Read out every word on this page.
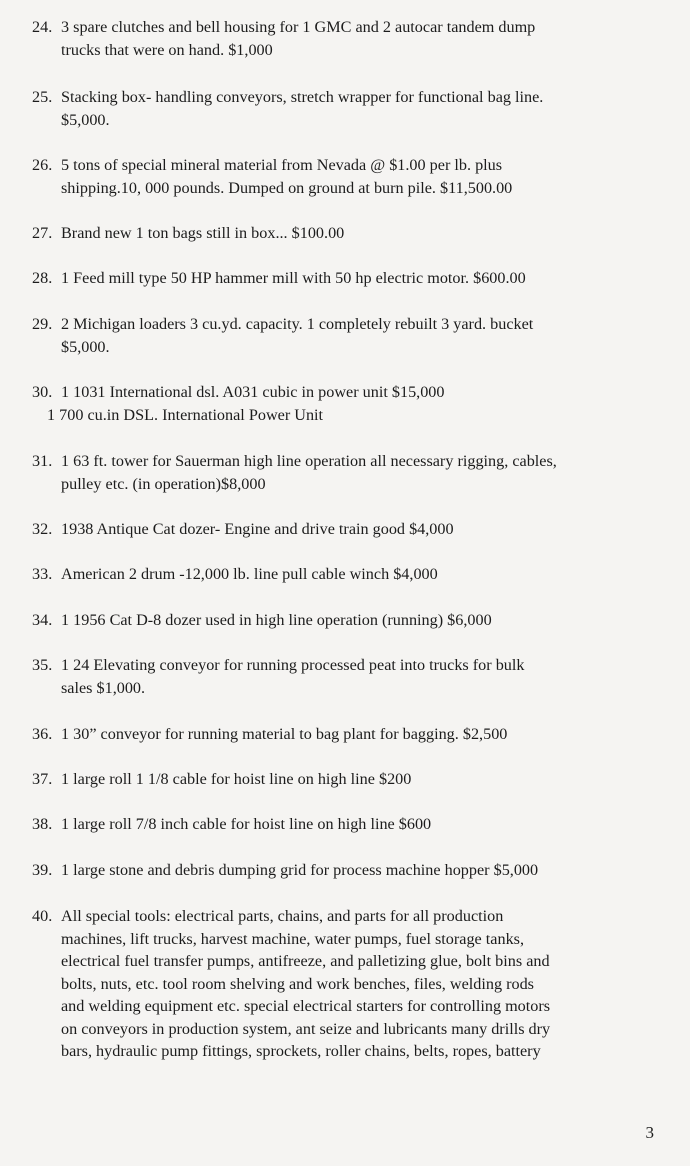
24. 3 spare clutches and bell housing for 1 GMC and 2 autocar tandem dump
trucks that were on hand. $1,000
25. Stacking box- handling conveyors, stretch wrapper for functional bag line.
$5,000.
26. 5 tons of special mineral material from Nevada @ $1.00 per lb. plus
shipping.10, 000 pounds. Dumped on ground at burn pile. $11,500.00
27. Brand new 1 ton bags still in box... $100.00
28. 1 Feed mill type 50 HP hammer mill with 50 hp electric motor. $600.00
29. 2 Michigan loaders 3 cu.yd. capacity. 1 completely rebuilt 3 yard. bucket
$5,000.
30. 1 1031 International dsl. A031 cubic in power unit $15,000
1 700 cu.in DSL. International Power Unit
31. 1 63 ft. tower for Sauerman high line operation all necessary rigging, cables,
pulley etc. (in operation)$8,000
32. 1938 Antique Cat dozer- Engine and drive train good $4,000
33. American 2 drum -12,000 lb. line pull cable winch $4,000
34. 1 1956 Cat D-8 dozer used in high line operation (running) $6,000
35. 1 24 Elevating conveyor for running processed peat into trucks for bulk
sales $1,000.
36. 1 30” conveyor for running material to bag plant for bagging. $2,500
37. 1 large roll 1 1/8 cable for hoist line on high line $200
38. 1 large roll 7/8 inch cable for hoist line on high line $600
39. 1 large stone and debris dumping grid for process machine hopper $5,000
40. All special tools: electrical parts, chains, and parts for all production
machines, lift trucks, harvest machine, water pumps, fuel storage tanks,
electrical fuel transfer pumps, antifreeze, and palletizing glue, bolt bins and
bolts, nuts, etc. tool room shelving and work benches, files, welding rods
and welding equipment etc. special electrical starters for controlling motors
on conveyors in production system, ant seize and lubricants many drills dry
bars, hydraulic pump fittings, sprockets, roller chains, belts, ropes, battery
3
